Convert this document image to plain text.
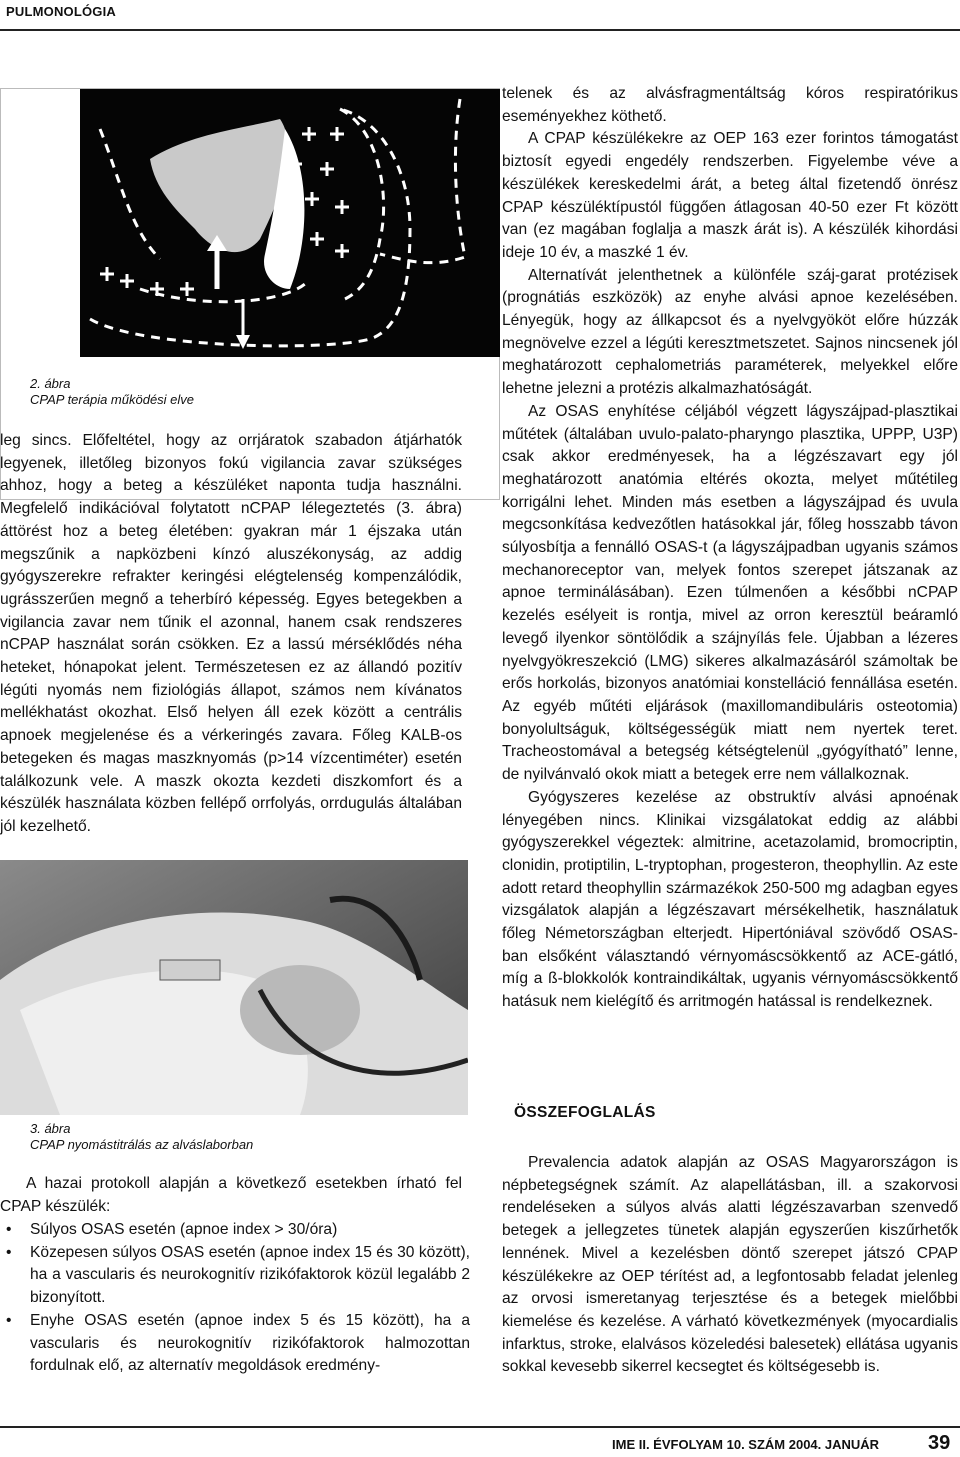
PULMONOLÓGIA
2. ábra
CPAP terápia működési elve

leg sincs. Előfeltétel, hogy az orrjáratok szabadon átjárhatók legyenek, illetőleg bizonyos fokú vigilancia zavar szükséges ahhoz, hogy a beteg a készüléket naponta tudja használni. Megfelelő indikációval folytatott nCPAP lélegeztetés (3. ábra) áttörést hoz a beteg életében: gyakran már 1 éjszaka után megszűnik a napközbeni kínzó aluszékonyság, az addig gyógyszerekre refrakter keringési elégtelenség kompenzálódik, ugrásszerűen megnő a teherbíró képesség. Egyes betegekben a vigilancia zavar nem tűnik el azonnal, hanem csak rendszeres nCPAP használat során csökken. Ez a lassú mérséklődés néha heteket, hónapokat jelent. Természetesen ez az állandó pozitív légúti nyomás nem fiziológiás állapot, számos nem kívánatos mellékhatást okozhat. Első helyen áll ezek között a centrális apnoek megjelenése és a vérkeringés zavara. Főleg KALB-os betegeken és magas maszknyomás (p>14 vízcentiméter) esetén találkozunk vele. A maszk okozta kezdeti diszkomfort és a készülék használata közben fellépő orrfolyás, orrdugulás általában jól kezelhető.

3. ábra
CPAP nyomástitrálás az alváslaborban

A hazai protokoll alapján a következő esetekben írható fel CPAP készülék:

• Súlyos OSAS esetén (apnoe index > 30/óra)
• Közepesen súlyos OSAS esetén (apnoe index 15 és 30 között), ha a vascularis és neurokognitív rizikófaktorok közül legalább 2 bizonyított.
• Enyhe OSAS esetén (apnoe index 5 és 15 között), ha a vascularis és neurokognitív rizikófaktorok halmozottan fordulnak elő, az alternatív megoldások eredmény-

telenek és az alvásfragmentáltság kóros respiratórikus eseményekhez köthető.

A CPAP készülékekre az OEP 163 ezer forintos támogatást biztosít egyedi engedély rendszerben. Figyelembe véve a készülékek kereskedelmi árát, a beteg által fizetendő önrész CPAP készüléktípustól függően átlagosan 40-50 ezer Ft között van (ez magában foglalja a maszk árát is). A készülék kihordási ideje 10 év, a maszké 1 év.

Alternatívát jelenthetnek a különféle száj-garat protézisek (prognátiás eszközök) az enyhe alvási apnoe kezelésében. Lényegük, hogy az állkapcsot és a nyelvgyököt előre húzzák megnövelve ezzel a légúti keresztmetszetet. Sajnos nincsenek jól meghatározott cephalometriás paraméterek, melyekkel előre lehetne jelezni a protézis alkalmazhatóságát.

Az OSAS enyhítése céljából végzett lágyszájpad-plasztikai műtétek (általában uvulo-palato-pharyngo plasztika, UPPP, U3P) csak akkor eredményesek, ha a légzészavart egy jól meghatározott anatómia eltérés okozta, melyet műtétileg korrigálni lehet. Minden más esetben a lágyszájpad és uvula megcsonkítása kedvezőtlen hatásokkal jár, főleg hosszabb távon súlyosbítja a fennálló OSAS-t (a lágyszájpadban ugyanis számos mechanoreceptor van, melyek fontos szerepet játszanak az apnoe terminálásában). Ezen túlmenően a későbbi nCPAP kezelés esélyeit is rontja, mivel az orron keresztül beáramló levegő ilyenkor söntölődik a szájnyílás fele. Újabban a lézeres nyelvgyökreszekció (LMG) sikeres alkalmazásáról számoltak be erős horkolás, bizonyos anatómiai konstelláció fennállása esetén. Az egyéb műtéti eljárások (maxillomandibuláris osteotomia) bonyolultságuk, költségességük miatt nem nyertek teret. Tracheostomával a betegség kétségtelenül „gyógyítható” lenne, de nyilvánvaló okok miatt a betegek erre nem vállalkoznak.

Gyógyszeres kezelése az obstruktív alvási apnoénak lényegében nincs. Klinikai vizsgálatokat eddig az alábbi gyógyszerekkel végeztek: almitrine, acetazolamid, bromocriptin, clonidin, protiptilin, L-tryptophan, progesteron, theophyllin. Az este adott retard theophyllin származékok 250-500 mg adagban egyes vizsgálatok alapján a légzészavart mérsékelhetik, használatuk főleg Németországban elterjedt. Hipertóniával szövődő OSAS-ban elsőként választandó vérnyomáscsökkentő az ACE-gátló, míg a ß-blokkolók kontraindikáltak, ugyanis vérnyomáscsökkentő hatásuk nem kielégítő és arritmogén hatással is rendelkeznek.

ÖSSZEFOGLALÁS

Prevalencia adatok alapján az OSAS Magyarországon is népbetegségnek számít. Az alapellátásban, ill. a szakorvosi rendeléseken a súlyos alvás alatti légzészavarban szenvedő betegek a jellegzetes tünetek alapján egyszerűen kiszűrhetők lennének. Mivel a kezelésben döntő szerepet játszó CPAP készülékekre az OEP térítést ad, a legfontosabb feladat jelenleg az orvosi ismeretanyag terjesztése és a betegek mielőbbi kiemelése és kezelése. A várható következmények (myocardialis infarktus, stroke, elalvásos közeledési balesetek) ellátása ugyanis sokkal kevesebb sikerrel kecsegtet és költségesebb is.

IME II. ÉVFOLYAM 10. SZÁM 2004. JANUÁR 39
